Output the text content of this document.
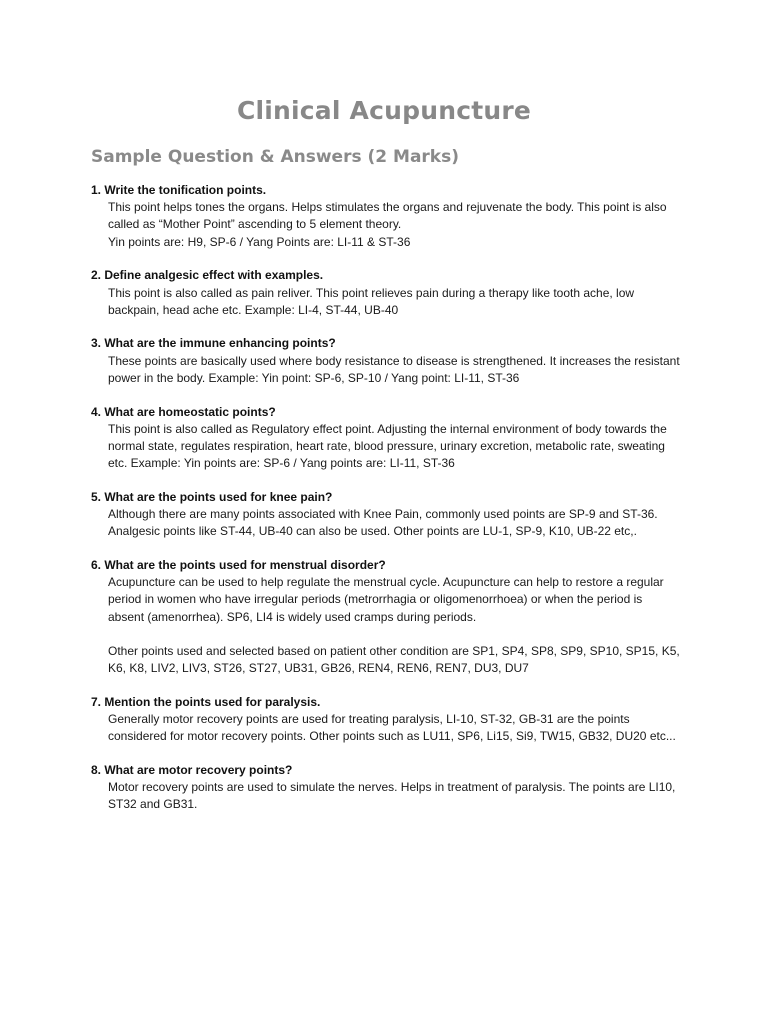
Clinical Acupuncture
Sample Question & Answers (2 Marks)
1. Write the tonification points.
This point helps tones the organs. Helps stimulates the organs and rejuvenate the body. This point is also called as “Mother Point” ascending to 5 element theory.
Yin points are: H9, SP-6 / Yang Points are: LI-11 & ST-36
2. Define analgesic effect with examples.
This point is also called as pain reliver. This point relieves pain during a therapy like tooth ache, low backpain, head ache etc. Example: LI-4, ST-44, UB-40
3. What are the immune enhancing points?
These points are basically used where body resistance to disease is strengthened. It increases the resistant power in the body. Example: Yin point: SP-6, SP-10 / Yang point: LI-11, ST-36
4. What are homeostatic points?
This point is also called as Regulatory effect point. Adjusting the internal environment of body towards the normal state, regulates respiration, heart rate, blood pressure, urinary excretion, metabolic rate, sweating etc. Example: Yin points are: SP-6 / Yang points are: LI-11, ST-36
5. What are the points used for knee pain?
Although there are many points associated with Knee Pain, commonly used points are SP-9 and ST-36. Analgesic points like ST-44, UB-40 can also be used. Other points are LU-1, SP-9, K10, UB-22 etc,.
6. What are the points used for menstrual disorder?
Acupuncture can be used to help regulate the menstrual cycle. Acupuncture can help to restore a regular period in women who have irregular periods (metrorrhagia or oligomenorrhoea) or when the period is absent (amenorrhea). SP6, LI4 is widely used cramps during periods.
Other points used and selected based on patient other condition are SP1, SP4, SP8, SP9, SP10, SP15, K5, K6, K8, LIV2, LIV3, ST26, ST27, UB31, GB26, REN4, REN6, REN7, DU3, DU7
7. Mention the points used for paralysis.
Generally motor recovery points are used for treating paralysis, LI-10, ST-32, GB-31 are the points considered for motor recovery points. Other points such as LU11, SP6, Li15, Si9, TW15, GB32, DU20 etc...
8. What are motor recovery points?
Motor recovery points are used to simulate the nerves. Helps in treatment of paralysis. The points are LI10, ST32 and GB31.
